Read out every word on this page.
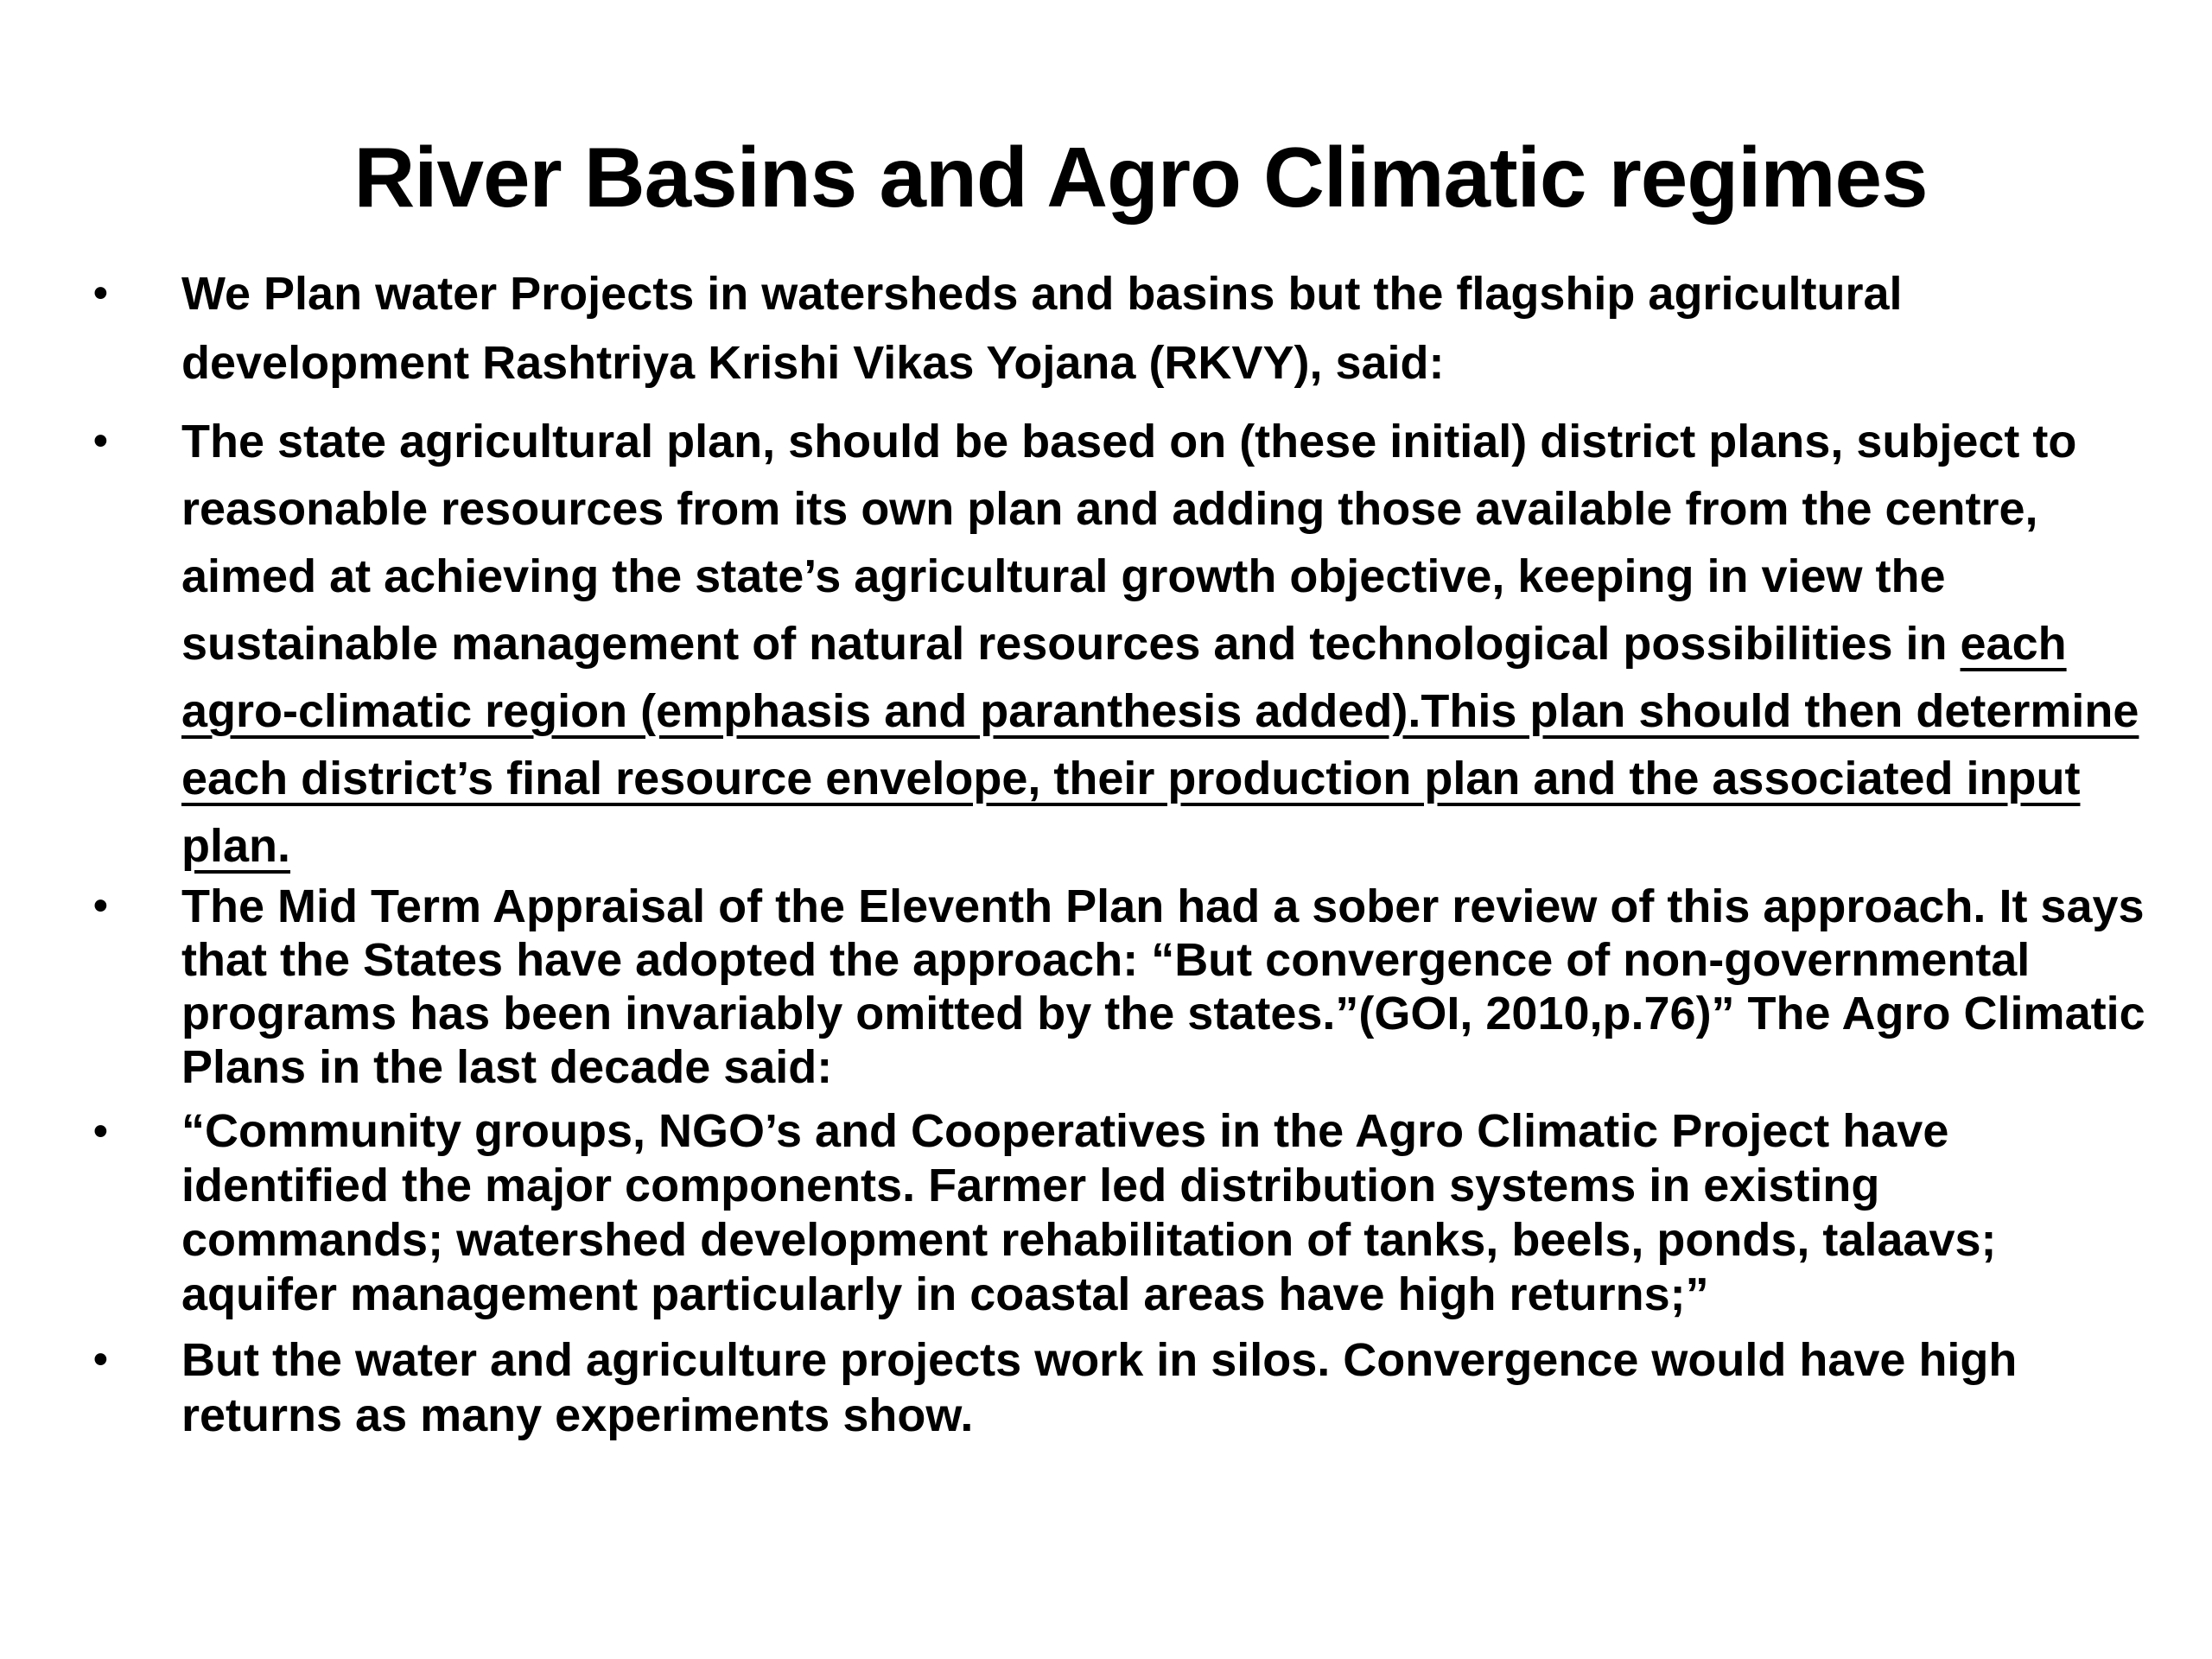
River Basins and Agro Climatic regimes
• We Plan water Projects in watersheds and basins but the flagship agricultural development Rashtriya Krishi Vikas Yojana (RKVY), said:
• The state agricultural plan, should be based on (these initial) district plans, subject to reasonable resources from its own plan and adding those available from the centre, aimed at achieving the state’s agricultural growth objective, keeping in view the sustainable management of natural resources and technological possibilities in each agro-climatic region (emphasis and paranthesis added).This plan should then determine each district’s final resource envelope, their production plan and the associated input plan.
• The Mid Term Appraisal of the Eleventh Plan had a sober review of this approach. It says that the States have adopted the approach: “But convergence of non-governmental programs has been invariably omitted by the states.”(GOI, 2010,p.76)” The Agro Climatic Plans in the last decade said:
• “Community groups, NGO’s and Cooperatives in the Agro Climatic Project have identified the major components. Farmer led distribution systems in existing commands; watershed development rehabilitation of tanks, beels, ponds, talaavs; aquifer management particularly in coastal areas have high returns;”
• But the water and agriculture projects work in silos. Convergence would have high returns as many experiments show.
